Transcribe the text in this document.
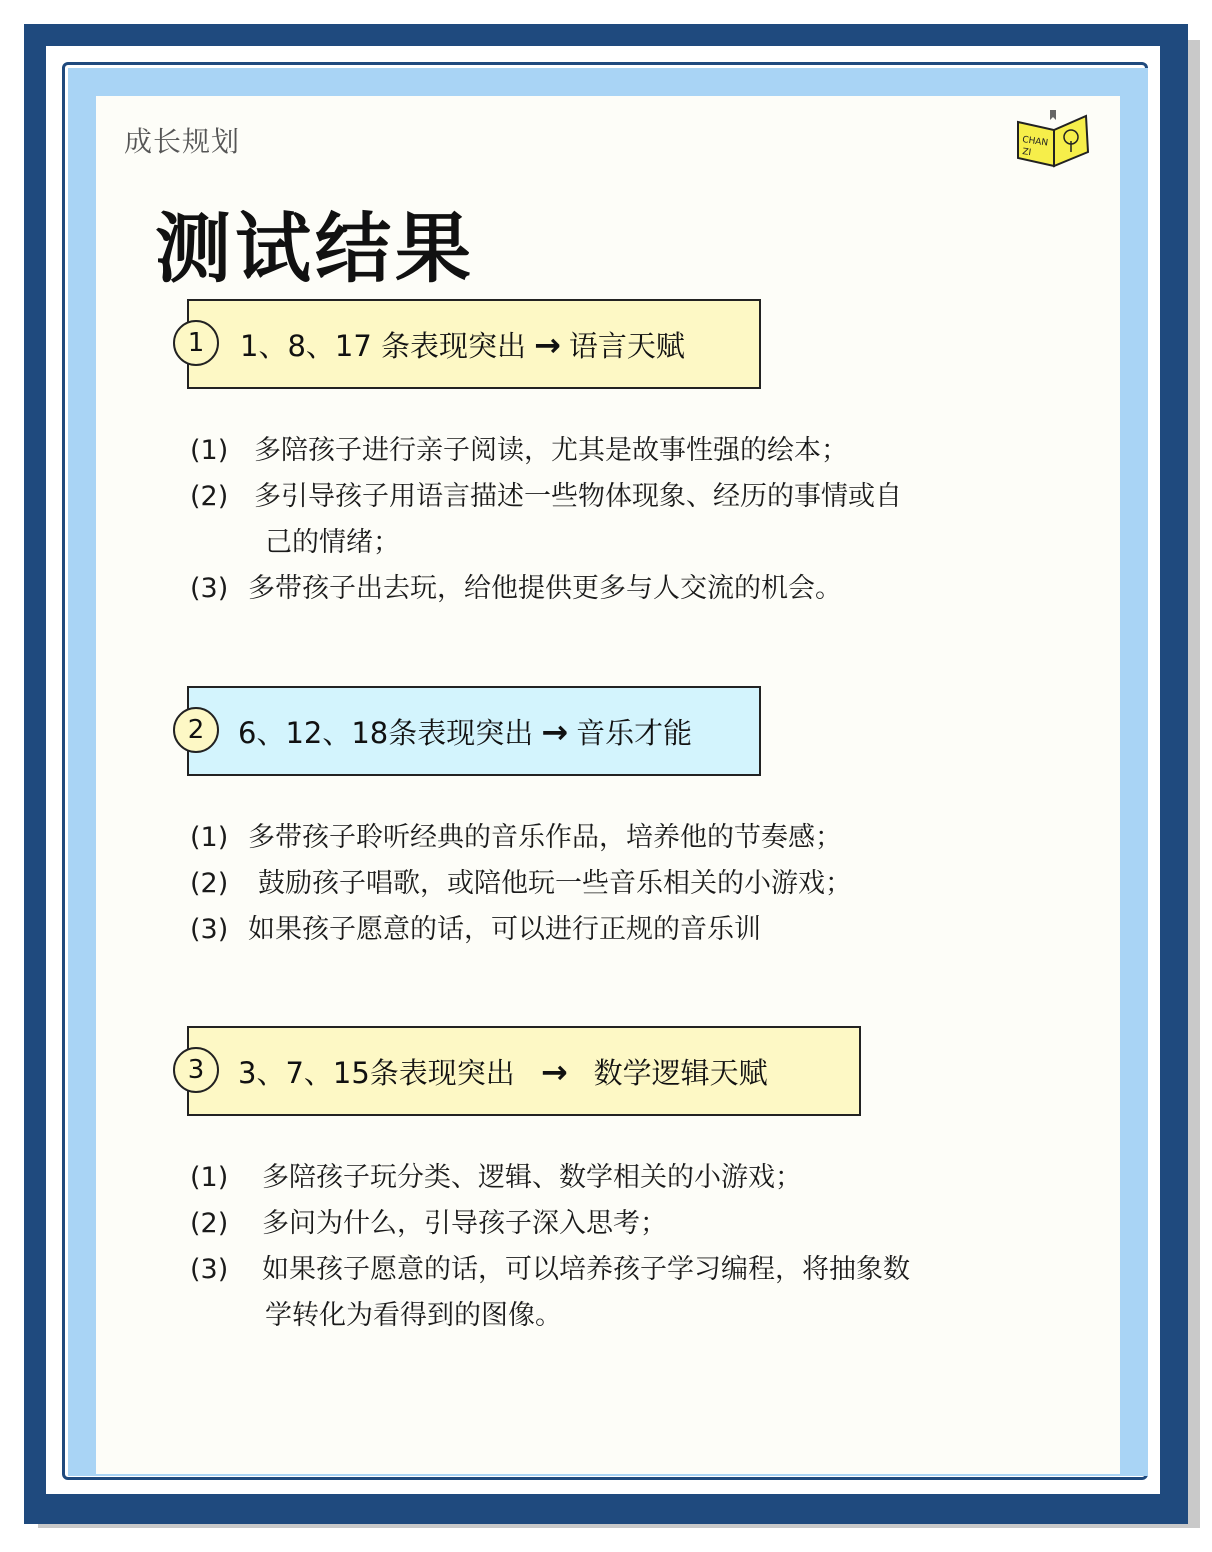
成长规划	CHAN
ZI
测试结果
1	1、8、17 条表现突出 → 语言天赋
(1) 多陪孩子进行亲子阅读，尤其是故事性强的绘本；
(2) 多引导孩子用语言描述一些物体现象、经历的事情或自
己的情绪；
(3) 多带孩子出去玩，给他提供更多与人交流的机会。
2	6、12、18条表现突出 → 音乐才能
(1) 多带孩子聆听经典的音乐作品，培养他的节奏感；
(2) 鼓励孩子唱歌，或陪他玩一些音乐相关的小游戏；
(3) 如果孩子愿意的话，可以进行正规的音乐训
3	3、7、15条表现突出 → 数学逻辑天赋
(1) 多陪孩子玩分类、逻辑、数学相关的小游戏；
(2) 多问为什么，引导孩子深入思考；
(3) 如果孩子愿意的话，可以培养孩子学习编程，将抽象数
学转化为看得到的图像。
